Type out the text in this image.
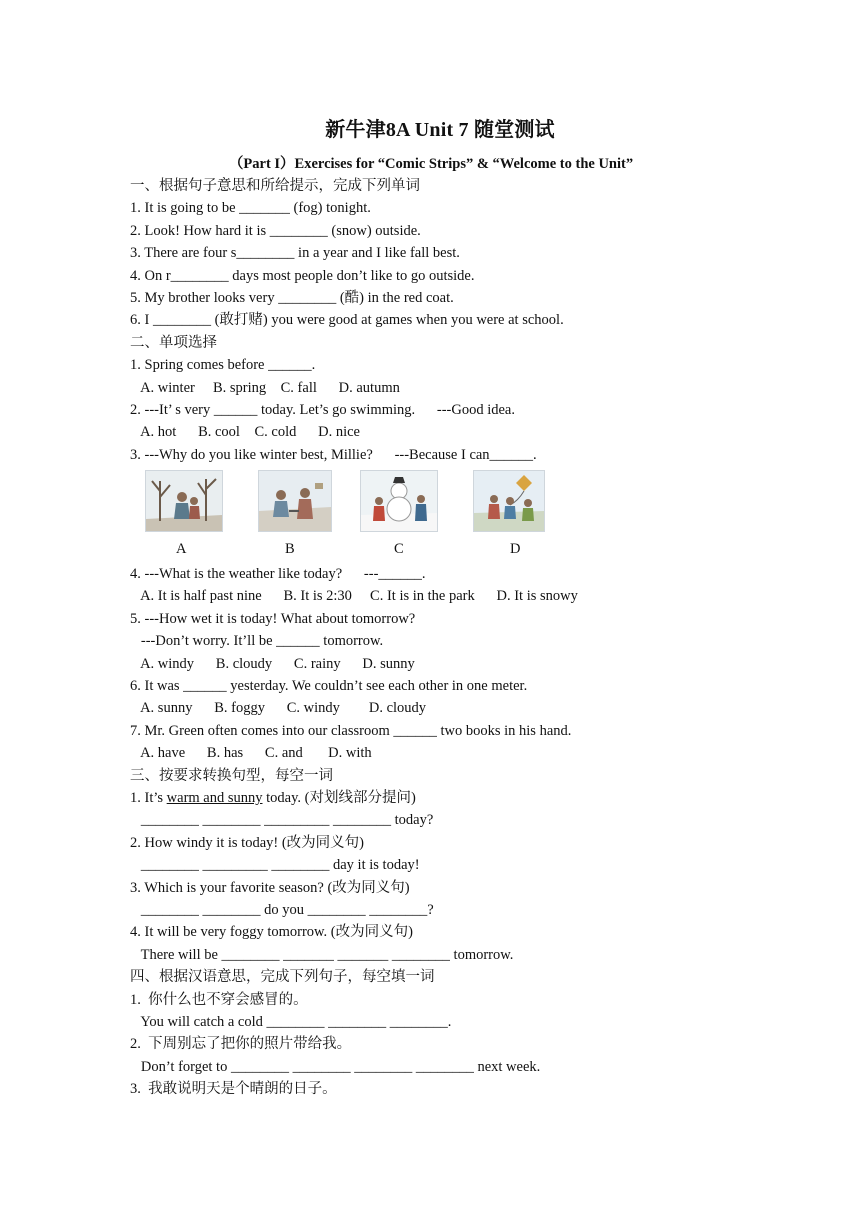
新牛津8A Unit 7 随堂测试
（Part I）Exercises for “Comic Strips” & “Welcome to the Unit”
一、根据句子意思和所给提示，完成下列单词
1. It is going to be _______ (fog) tonight.
2. Look! How hard it is ________ (snow) outside.
3. There are four s________ in a year and I like fall best.
4. On r________ days most people don’t like to go outside.
5. My brother looks very ________ (酷) in the red coat.
6. I ________ (敢打赌) you were good at games when you were at school.
二、单项选择
1. Spring comes before ______.
A. winter     B. spring    C. fall      D. autumn
2. ---It’ s very ______ today. Let’s go swimming.      ---Good idea.
A. hot      B. cool    C. cold      D. nice
3. ---Why do you like winter best, Millie?      ---Because I can______.
A	B	C	D
4. ---What is the weather like today?      ---______.
A. It is half past nine      B. It is 2:30     C. It is in the park      D. It is snowy
5. ---How wet it is today! What about tomorrow?
---Don’t worry. It’ll be ______ tomorrow.
A. windy      B. cloudy      C. rainy      D. sunny
6. It was ______ yesterday. We couldn’t see each other in one meter.
A. sunny      B. foggy      C. windy        D. cloudy
7. Mr. Green often comes into our classroom ______ two books in his hand.
A. have      B. has      C. and       D. with
三、按要求转换句型，每空一词
1. It’s warm and sunny today. (对划线部分提问)
________ ________ _________ ________ today?
2. How windy it is today! (改为同义句)
________ _________ ________ day it is today!
3. Which is your favorite season? (改为同义句)
________ ________ do you ________ ________?
4. It will be very foggy tomorrow. (改为同义句)
There will be ________ _______ _______ ________ tomorrow.
四、根据汉语意思，完成下列句子，每空填一词
1.  你什么也不穿会感冒的。
You will catch a cold ________ ________ ________.
2.  下周别忘了把你的照片带给我。
Don’t forget to ________ ________ ________ ________ next week.
3.  我敢说明天是个晴朗的日子。
